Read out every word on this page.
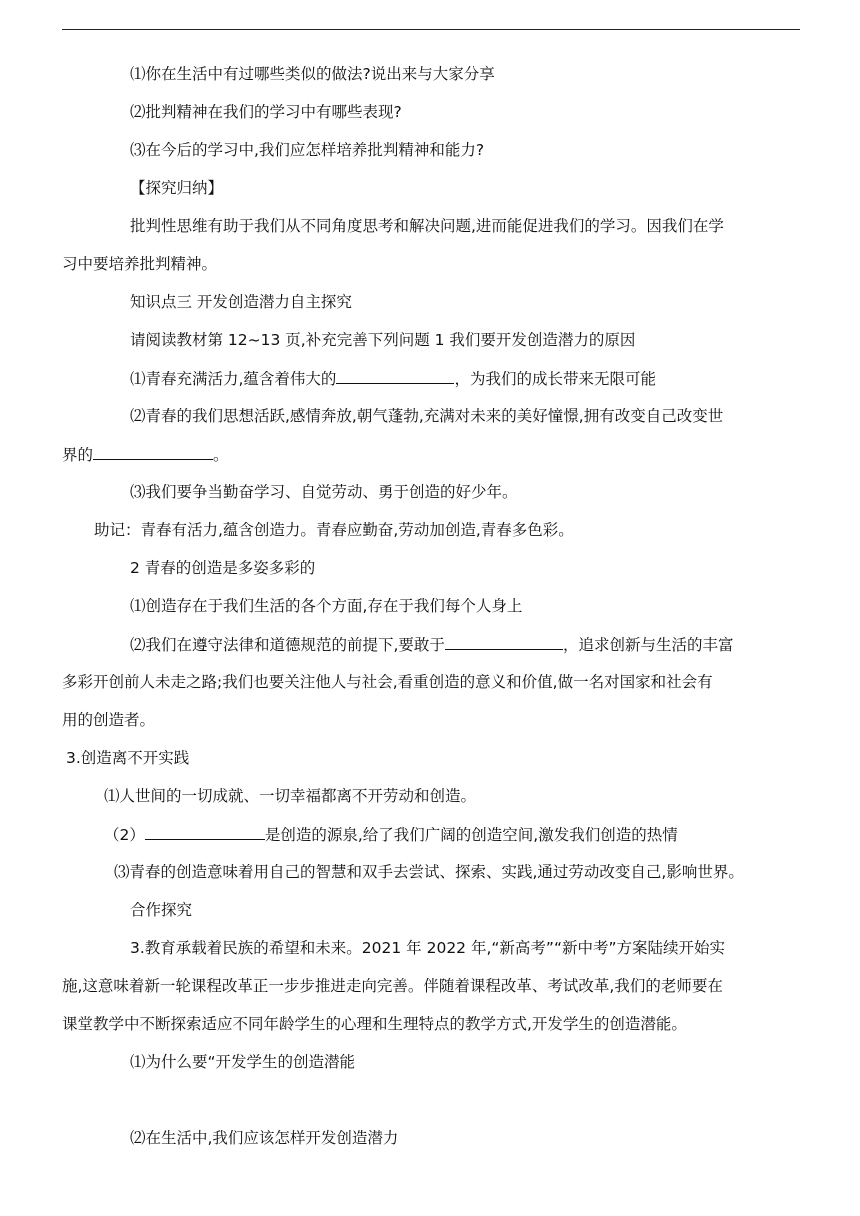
⑴你在生活中有过哪些类似的做法?说出来与大家分享
⑵批判精神在我们的学习中有哪些表现?
⑶在今后的学习中,我们应怎样培养批判精神和能力?
【探究归纳】
批判性思维有助于我们从不同角度思考和解决问题,进而能促进我们的学习。因我们在学
习中要培养批判精神。
知识点三 开发创造潜力自主探究
请阅读教材第 12~13 页,补充完善下列问题 1 我们要开发创造潜力的原因
⑴青春充满活力,蕴含着伟大的	，为我们的成长带来无限可能
⑵青春的我们思想活跃,感情奔放,朝气蓬勃,充满对未来的美好憧憬,拥有改变自己改变世
界的	。
⑶我们要争当勤奋学习、自觉劳动、勇于创造的好少年。
助记：青春有活力,蕴含创造力。青春应勤奋,劳动加创造,青春多色彩。
2 青春的创造是多姿多彩的
⑴创造存在于我们生活的各个方面,存在于我们每个人身上
⑵我们在遵守法律和道德规范的前提下,要敢于	，追求创新与生活的丰富
多彩开创前人未走之路;我们也要关注他人与社会,看重创造的意义和价值,做一名对国家和社会有
用的创造者。
3.创造离不开实践
⑴人世间的一切成就、一切幸福都离不开劳动和创造。
（2）	是创造的源泉,给了我们广阔的创造空间,激发我们创造的热情
⑶青春的创造意味着用自己的智慧和双手去尝试、探索、实践,通过劳动改变自己,影响世界。
合作探究
3.教育承载着民族的希望和未来。2021 年 2022 年,“新高考”“新中考”方案陆续开始实
施,这意味着新一轮课程改革正一步步推进走向完善。伴随着课程改革、考试改革,我们的老师要在
课堂教学中不断探索适应不同年龄学生的心理和生理特点的教学方式,开发学生的创造潜能。
⑴为什么要“开发学生的创造潜能
⑵在生活中,我们应该怎样开发创造潜力
